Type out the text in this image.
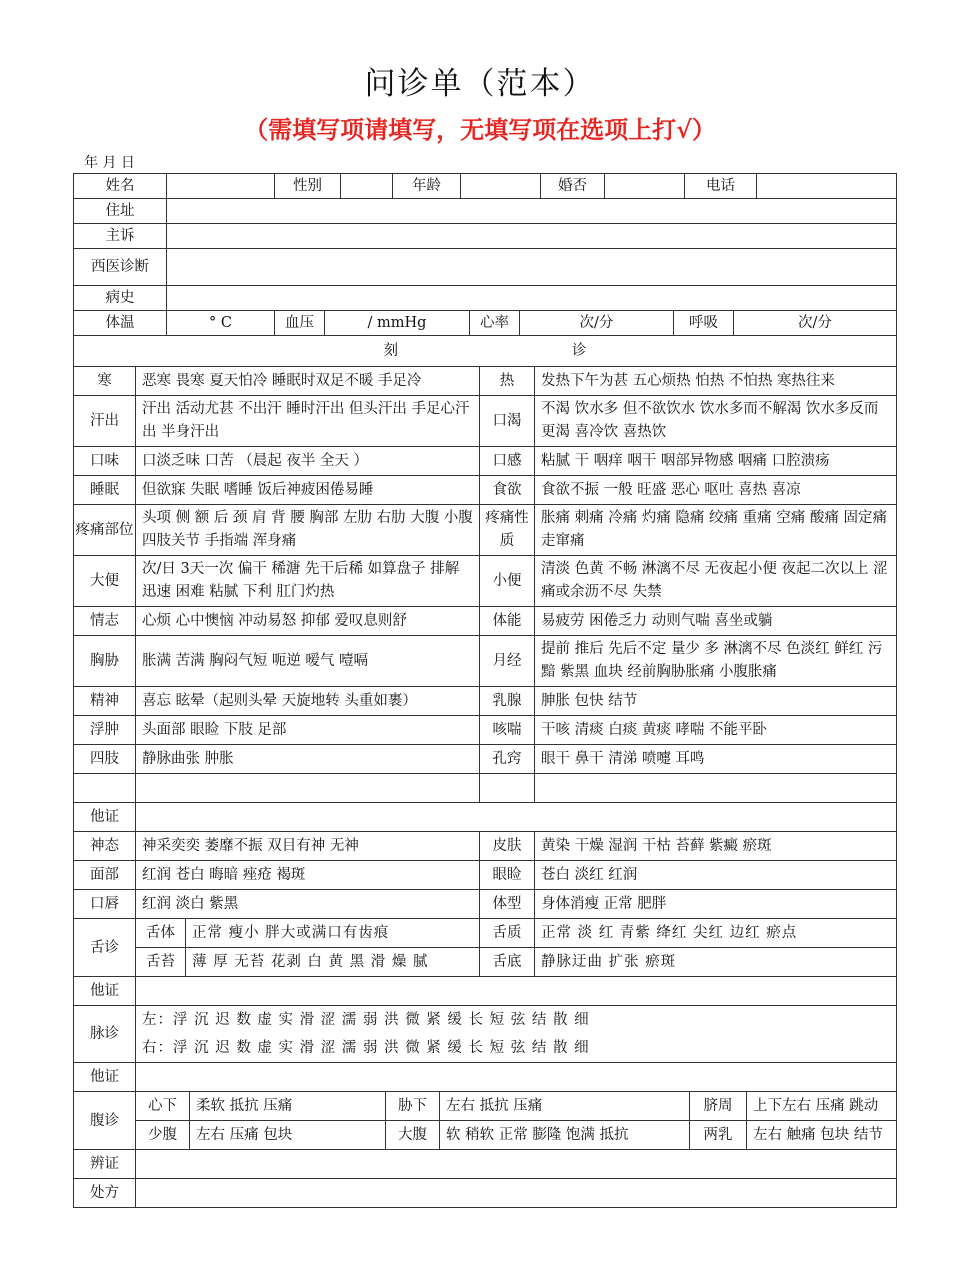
问诊单（范本）
（需填写项请填写，无填写项在选项上打√）
年 月 日
姓名		性别		年龄		婚否		电话	
住址									
主诉									
西医诊断									
病史									
体温	° C	血压	/ mmHg	心率	次/分	呼吸	次/分
刻　　　　　　　　　　　　诊
寒	恶寒 畏寒 夏天怕冷 睡眠时双足不暖 手足冷	热	发热下午为甚 五心烦热 怕热 不怕热 寒热往来
汗出	汗出 活动尤甚 不出汗 睡时汗出 但头汗出 手足心汗出 半身汗出	口渴	不渴 饮水多 但不欲饮水 饮水多而不解渴 饮水多反而更渴 喜冷饮 喜热饮
口味	口淡乏味 口苦 （晨起 夜半 全天 ）	口感	粘腻 干 咽痒 咽干 咽部异物感 咽痛 口腔溃疡
睡眠	但欲寐 失眠 嗜睡 饭后神疲困倦易睡	食欲	食欲不振 一般 旺盛 恶心 呕吐 喜热 喜凉
疼痛部位	头项 侧 额 后 颈 肩 背 腰 胸部 左肋 右肋 大腹 小腹 四肢关节 手指端 浑身痛	疼痛性质	胀痛 刺痛 冷痛 灼痛 隐痛 绞痛 重痛 空痛 酸痛 固定痛 走窜痛
大便	次/日 3天一次 偏干 稀溏 先干后稀 如算盘子 排解迅速 困难 粘腻 下利 肛门灼热	小便	清淡 色黄 不畅 淋漓不尽 无夜起小便 夜起二次以上 涩痛或余沥不尽 失禁
情志	心烦 心中懊恼 冲动易怒 抑郁 爱叹息则舒	体能	易疲劳 困倦乏力 动则气喘 喜坐或躺
胸胁	胀满 苦满 胸闷气短 呃逆 嗳气 噎嗝	月经	提前 推后 先后不定 量少 多 淋漓不尽 色淡红 鲜红 污黯 紫黑 血块 经前胸胁胀痛 小腹胀痛
精神	喜忘 眩晕（起则头晕 天旋地转 头重如裹）	乳腺	胂胀 包快 结节
浮肿	头面部 眼睑 下肢 足部	咳喘	干咳 清痰 白痰 黄痰 哮喘 不能平卧
四肢	静脉曲张 肿胀	孔窍	眼干 鼻干 清涕 喷嚏 耳鸣

他证			
神态	神采奕奕 萎靡不振 双目有神 无神	皮肤	黄染 干燥 湿润 干枯 苔藓 紫癜 瘀斑
面部	红润 苍白 晦暗 痤疮 褐斑	眼睑	苍白 淡红 红润
口唇	红润 淡白 紫黑	体型	身体消瘦 正常 肥胖
舌诊	舌体	正常 瘦小 胖大或满口有齿痕	舌质	正常 淡 红 青紫 绛红 尖红 边红 瘀点
	舌苔	薄 厚 无苔 花剥 白 黄 黑 滑 燥 腻	舌底	静脉迂曲 扩张 瘀斑
他证	
脉诊	左：浮 沉 迟 数 虚 实 滑 涩 濡 弱 洪 微 紧 缓 长 短 弦 结 散 细
	右：浮 沉 迟 数 虚 实 滑 涩 濡 弱 洪 微 紧 缓 长 短 弦 结 散 细
他证	
腹诊	心下	柔软 抵抗 压痛	胁下	左右 抵抗 压痛	脐周	上下左右 压痛 跳动
	少腹	左右 压痛 包块	大腹	软 稍软 正常 膨隆 饱满 抵抗	两乳	左右 触痛 包块 结节
辨证	
处方	
